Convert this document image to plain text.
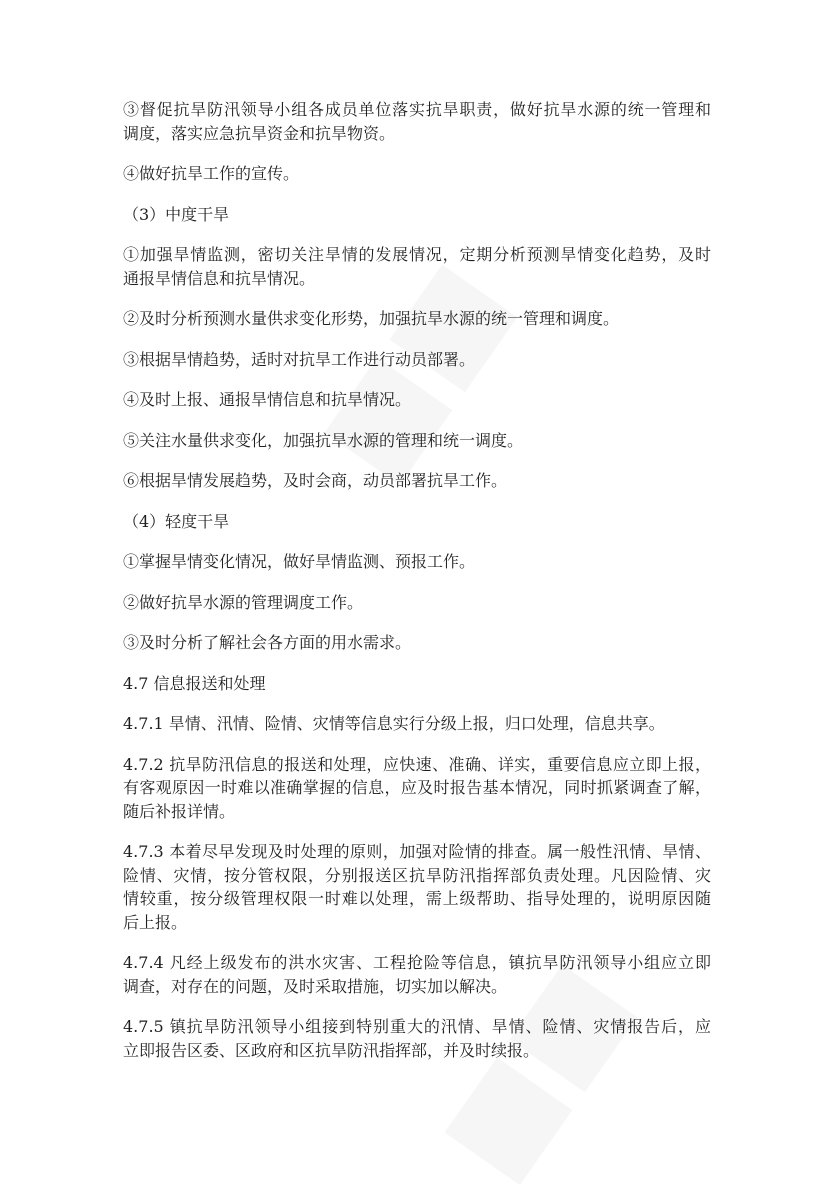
③督促抗旱防汛领导小组各成员单位落实抗旱职责，做好抗旱水源的统一管理和
调度，落实应急抗旱资金和抗旱物资。

④做好抗旱工作的宣传。

（3）中度干旱

①加强旱情监测，密切关注旱情的发展情况，定期分析预测旱情变化趋势，及时
通报旱情信息和抗旱情况。

②及时分析预测水量供求变化形势，加强抗旱水源的统一管理和调度。

③根据旱情趋势，适时对抗旱工作进行动员部署。

④及时上报、通报旱情信息和抗旱情况。

⑤关注水量供求变化，加强抗旱水源的管理和统一调度。

⑥根据旱情发展趋势，及时会商，动员部署抗旱工作。

（4）轻度干旱

①掌握旱情变化情况，做好旱情监测、预报工作。

②做好抗旱水源的管理调度工作。

③及时分析了解社会各方面的用水需求。

4.7 信息报送和处理

4.7.1 旱情、汛情、险情、灾情等信息实行分级上报，归口处理，信息共享。

4.7.2 抗旱防汛信息的报送和处理，应快速、准确、详实，重要信息应立即上报，
有客观原因一时难以准确掌握的信息，应及时报告基本情况，同时抓紧调查了解，
随后补报详情。

4.7.3 本着尽早发现及时处理的原则，加强对险情的排查。属一般性汛情、旱情、
险情、灾情，按分管权限，分别报送区抗旱防汛指挥部负责处理。凡因险情、灾
情较重，按分级管理权限一时难以处理，需上级帮助、指导处理的，说明原因随
后上报。

4.7.4 凡经上级发布的洪水灾害、工程抢险等信息，镇抗旱防汛领导小组应立即
调查，对存在的问题，及时采取措施，切实加以解决。

4.7.5 镇抗旱防汛领导小组接到特别重大的汛情、旱情、险情、灾情报告后，应
立即报告区委、区政府和区抗旱防汛指挥部，并及时续报。
